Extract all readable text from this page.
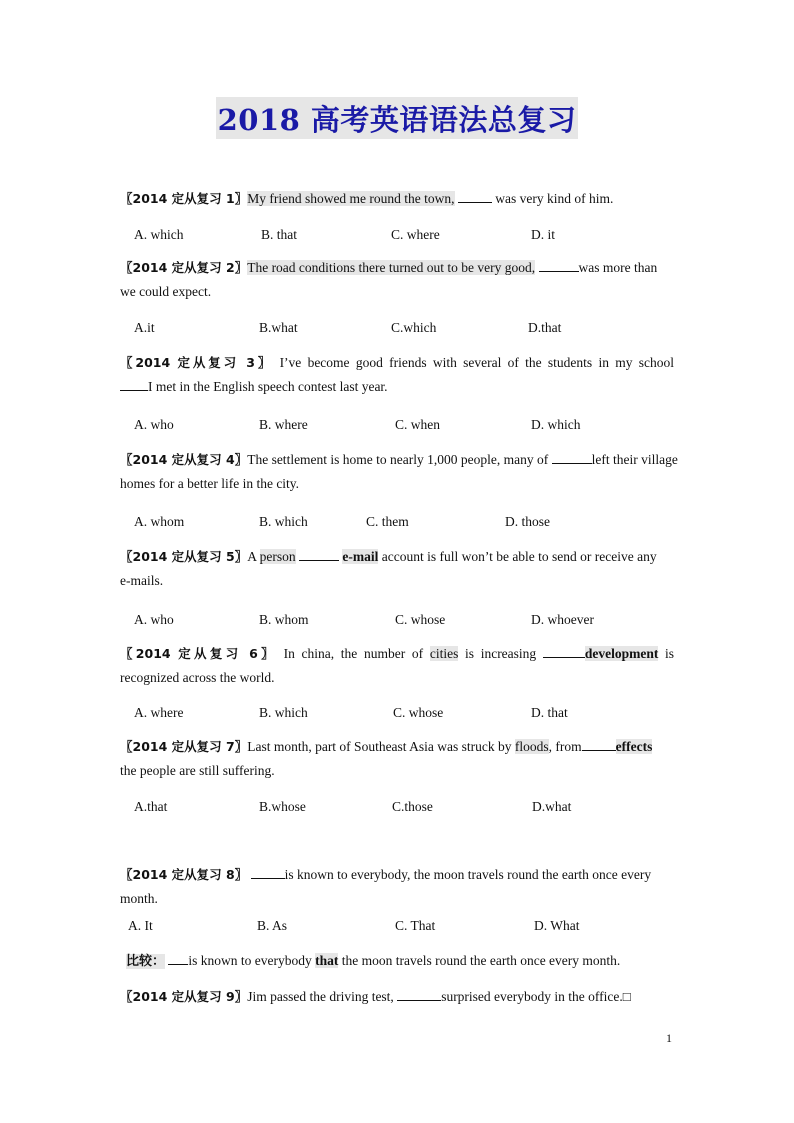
2018 高考英语语法总复习
〖2014 定从复习 1〗My friend showed me round the town,	was very kind of him.
A. which	B. that	C. where	D. it
〖2014 定从复习 2〗The road conditions there turned out to be very good,	was more than
we could expect.
A.it	B.what	C.which	D.that
〖2014 定从复习 3〗 I’ve become good friends with several of the students in my school
I met in the English speech contest last year.
A. who	B. where	C. when	D. which
〖2014 定从复习 4〗The settlement is home to nearly 1,000 people, many of	left their village
homes for a better life in the city.
A. whom	B. which	C. them	D. those
〖2014 定从复习 5〗A person	e-mail account is full won’t be able to send or receive any
e-mails.
A. who	B. whom	C. whose	D. whoever
〖2014 定从复习 6〗 In china, the number of cities is increasing	development is
recognized across the world.
A. where	B. which	C. whose	D. that
〖2014 定从复习 7〗Last month, part of Southeast Asia was struck by floods, from	effects
the people are still suffering.
A.that	B.whose	C.those	D.what
〖2014 定从复习 8〗	is known to everybody, the moon travels round the earth once every
month.
A. It	B. As	C. That	D. What
比较： is known to everybody that the moon travels round the earth once every month.
〖2014 定从复习 9〗Jim passed the driving test,	surprised everybody in the office.□
1
